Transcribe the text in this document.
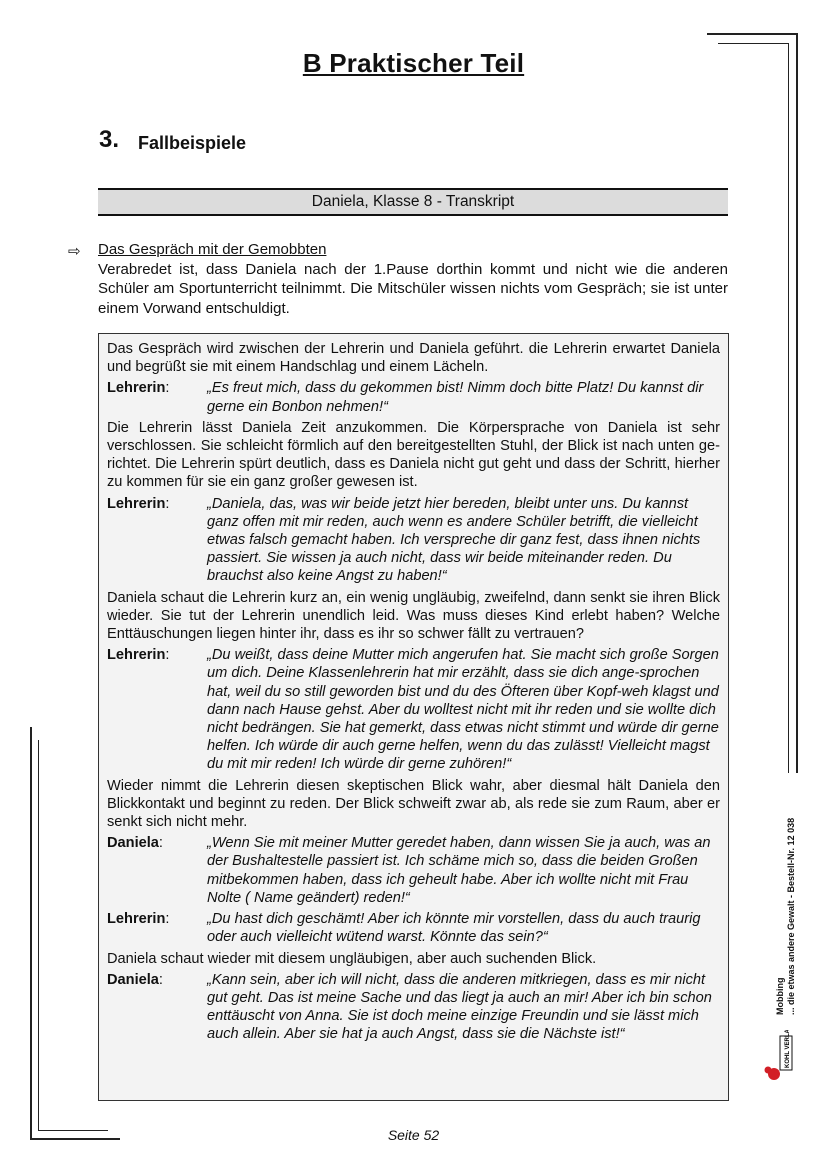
B Praktischer Teil
3. Fallbeispiele
Daniela, Klasse 8 - Transkript
⇨ Das Gespräch mit der Gemobbten
Verabredet ist, dass Daniela nach der 1.Pause dorthin kommt und nicht wie die anderen Schüler am Sportunterricht teilnimmt. Die Mitschüler wissen nichts vom Gespräch; sie ist unter einem Vorwand entschuldigt.
Das Gespräch wird zwischen der Lehrerin und Daniela geführt. die Lehrerin erwartet Daniela und begrüßt sie mit einem Handschlag und einem Lächeln.
Lehrerin:	„Es freut mich, dass du gekommen bist! Nimm doch bitte Platz! Du kannst dir gerne ein Bonbon nehmen!“
Die Lehrerin lässt Daniela Zeit anzukommen. Die Körpersprache von Daniela ist sehr verschlossen. Sie schleicht förmlich auf den bereitgestellten Stuhl, der Blick ist nach unten ge-richtet. Die Lehrerin spürt deutlich, dass es Daniela nicht gut geht und dass der Schritt, hierher zu kommen für sie ein ganz großer gewesen ist.
Lehrerin:	„Daniela, das, was wir beide jetzt hier bereden, bleibt unter uns. Du kannst ganz offen mit mir reden, auch wenn es andere Schüler betrifft, die vielleicht etwas falsch gemacht haben. Ich verspreche dir ganz fest, dass ihnen nichts passiert. Sie wissen ja auch nicht, dass wir beide miteinander reden. Du brauchst also keine Angst zu haben!“
Daniela schaut die Lehrerin kurz an, ein wenig ungläubig, zweifelnd, dann senkt sie ihren Blick wieder. Sie tut der Lehrerin unendlich leid. Was muss dieses Kind erlebt haben? Welche Enttäuschungen liegen hinter ihr, dass es ihr so schwer fällt zu vertrauen?
Lehrerin:	„Du weißt, dass deine Mutter mich angerufen hat. Sie macht sich große Sorgen um dich. Deine Klassenlehrerin hat mir erzählt, dass sie dich ange-sprochen hat, weil du so still geworden bist und du des Öfteren über Kopf-weh klagst und dann nach Hause gehst. Aber du wolltest nicht mit ihr reden und sie wollte dich nicht bedrängen. Sie hat gemerkt, dass etwas nicht stimmt und würde dir gerne helfen. Ich würde dir auch gerne helfen, wenn du das zulässt! Vielleicht magst du mit mir reden! Ich würde dir gerne zuhören!“
Wieder nimmt die Lehrerin diesen skeptischen Blick wahr, aber diesmal hält Daniela den Blickkontakt und beginnt zu reden. Der Blick schweift zwar ab, als rede sie zum Raum, aber er senkt sich nicht mehr.
Daniela:	„Wenn Sie mit meiner Mutter geredet haben, dann wissen Sie ja auch, was an der Bushaltestelle passiert ist. Ich schäme mich so, dass die beiden Großen mitbekommen haben, dass ich geheult habe. Aber ich wollte nicht mit Frau Nolte ( Name geändert) reden!“
Lehrerin:	„Du hast dich geschämt! Aber ich könnte mir vorstellen, dass du auch traurig oder auch vielleicht wütend warst. Könnte das sein?“
Daniela schaut wieder mit diesem ungläubigen, aber auch suchenden Blick.
Daniela:	„Kann sein, aber ich will nicht, dass die anderen mitkriegen, dass es mir nicht gut geht. Das ist meine Sache und das liegt ja auch an mir! Aber ich bin schon enttäuscht von Anna. Sie ist doch meine einzige Freundin und sie lässt mich auch allein. Aber sie hat ja auch Angst, dass sie die Nächste ist!“
Seite 52
Mobbing ... die etwas andere Gewalt - Bestell-Nr. 12 038
KOHL VERLAG
